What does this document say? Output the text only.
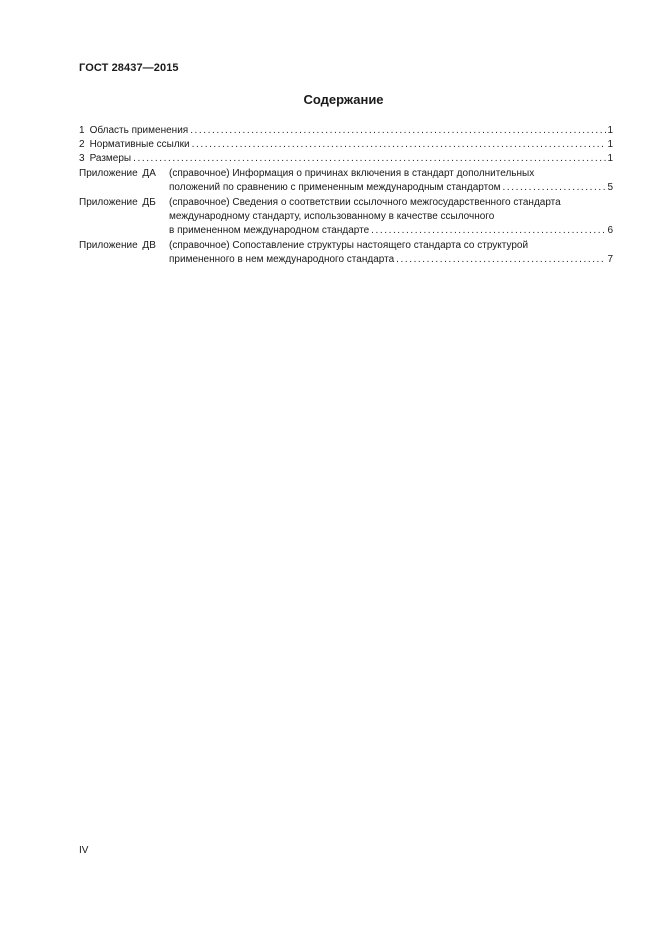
ГОСТ 28437—2015
Содержание
1 Область применения . . .	1
2 Нормативные ссылки . . .	1
3 Размеры . . .	1
Приложение ДА	(справочное) Информация о причинах включения в стандарт дополнительных
положений по сравнению с примененным международным стандартом . . .	5
Приложение ДБ	(справочное) Сведения о соответствии ссылочного межгосударственного стандарта
международному стандарту, использованному в качестве ссылочного
в примененном международном стандарте . . .	6
Приложение ДВ	(справочное) Сопоставление структуры настоящего стандарта со структурой
примененного в нем международного стандарта . . .	7
IV
